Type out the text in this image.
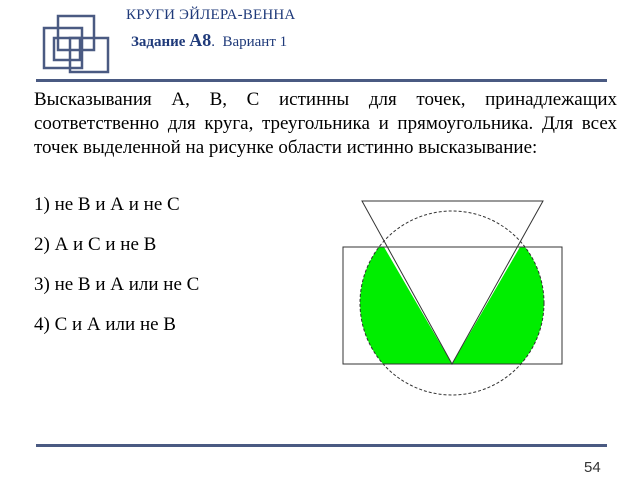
КРУГИ ЭЙЛЕРА-ВЕННА
Задание А8. Вариант 1
Высказывания А, В, С истинны для точек, принадлежащих соответственно для круга, треугольника и прямоугольника. Для всех точек выделенной на рисунке области истинно высказывание:
1) не В и А и не С
2) А и С и не В
3) не В и А или не С
4) С и А или не В
54
